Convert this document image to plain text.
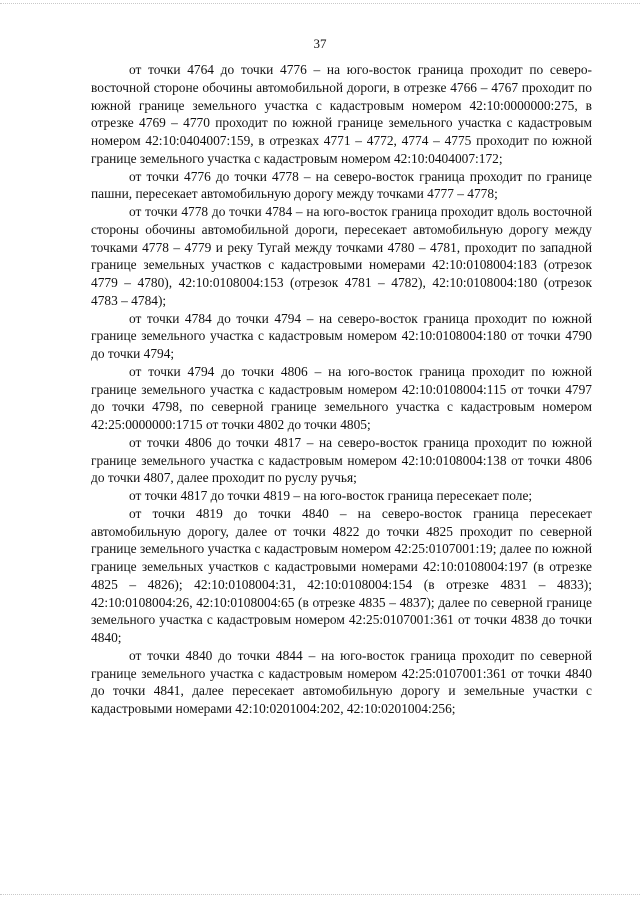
37

от точки 4764 до точки 4776 – на юго-восток граница проходит по северо-восточной стороне обочины автомобильной дороги, в отрезке 4766 – 4767 проходит по южной границе земельного участка с кадастровым номером 42:10:0000000:275, в отрезке 4769 – 4770 проходит по южной границе земельного участка с кадастровым номером 42:10:0404007:159, в отрезках 4771 – 4772, 4774 – 4775 проходит по южной границе земельного участка с кадастровым номером 42:10:0404007:172;

от точки 4776 до точки 4778 – на северо-восток граница проходит по границе пашни, пересекает автомобильную дорогу между точками 4777 – 4778;

от точки 4778 до точки 4784 – на юго-восток граница проходит вдоль восточной стороны обочины автомобильной дороги, пересекает автомобильную дорогу между точками 4778 – 4779 и реку Тугай между точками 4780 – 4781, проходит по западной границе земельных участков с кадастровыми номерами 42:10:0108004:183 (отрезок 4779 – 4780), 42:10:0108004:153 (отрезок 4781 – 4782), 42:10:0108004:180 (отрезок 4783 – 4784);

от точки 4784 до точки 4794 – на северо-восток граница проходит по южной границе земельного участка с кадастровым номером 42:10:0108004:180 от точки 4790 до точки 4794;

от точки 4794 до точки 4806 – на юго-восток граница проходит по южной границе земельного участка с кадастровым номером 42:10:0108004:115 от точки 4797 до точки 4798, по северной границе земельного участка с кадастровым номером 42:25:0000000:1715 от точки 4802 до точки 4805;

от точки 4806 до точки 4817 – на северо-восток граница проходит по южной границе земельного участка с кадастровым номером 42:10:0108004:138 от точки 4806 до точки 4807, далее проходит по руслу ручья;

от точки 4817 до точки 4819 – на юго-восток граница пересекает поле;

от точки 4819 до точки 4840 – на северо-восток граница пересекает автомобильную дорогу, далее от точки 4822 до точки 4825 проходит по северной границе земельного участка с кадастровым номером 42:25:0107001:19; далее по южной границе земельных участков с кадастровыми номерами 42:10:0108004:197 (в отрезке 4825 – 4826); 42:10:0108004:31, 42:10:0108004:154 (в отрезке 4831 – 4833); 42:10:0108004:26, 42:10:0108004:65 (в отрезке 4835 – 4837); далее по северной границе земельного участка с кадастровым номером 42:25:0107001:361 от точки 4838 до точки 4840;

от точки 4840 до точки 4844 – на юго-восток граница проходит по северной границе земельного участка с кадастровым номером 42:25:0107001:361 от точки 4840 до точки 4841, далее пересекает автомобильную дорогу и земельные участки с кадастровыми номерами 42:10:0201004:202, 42:10:0201004:256;
